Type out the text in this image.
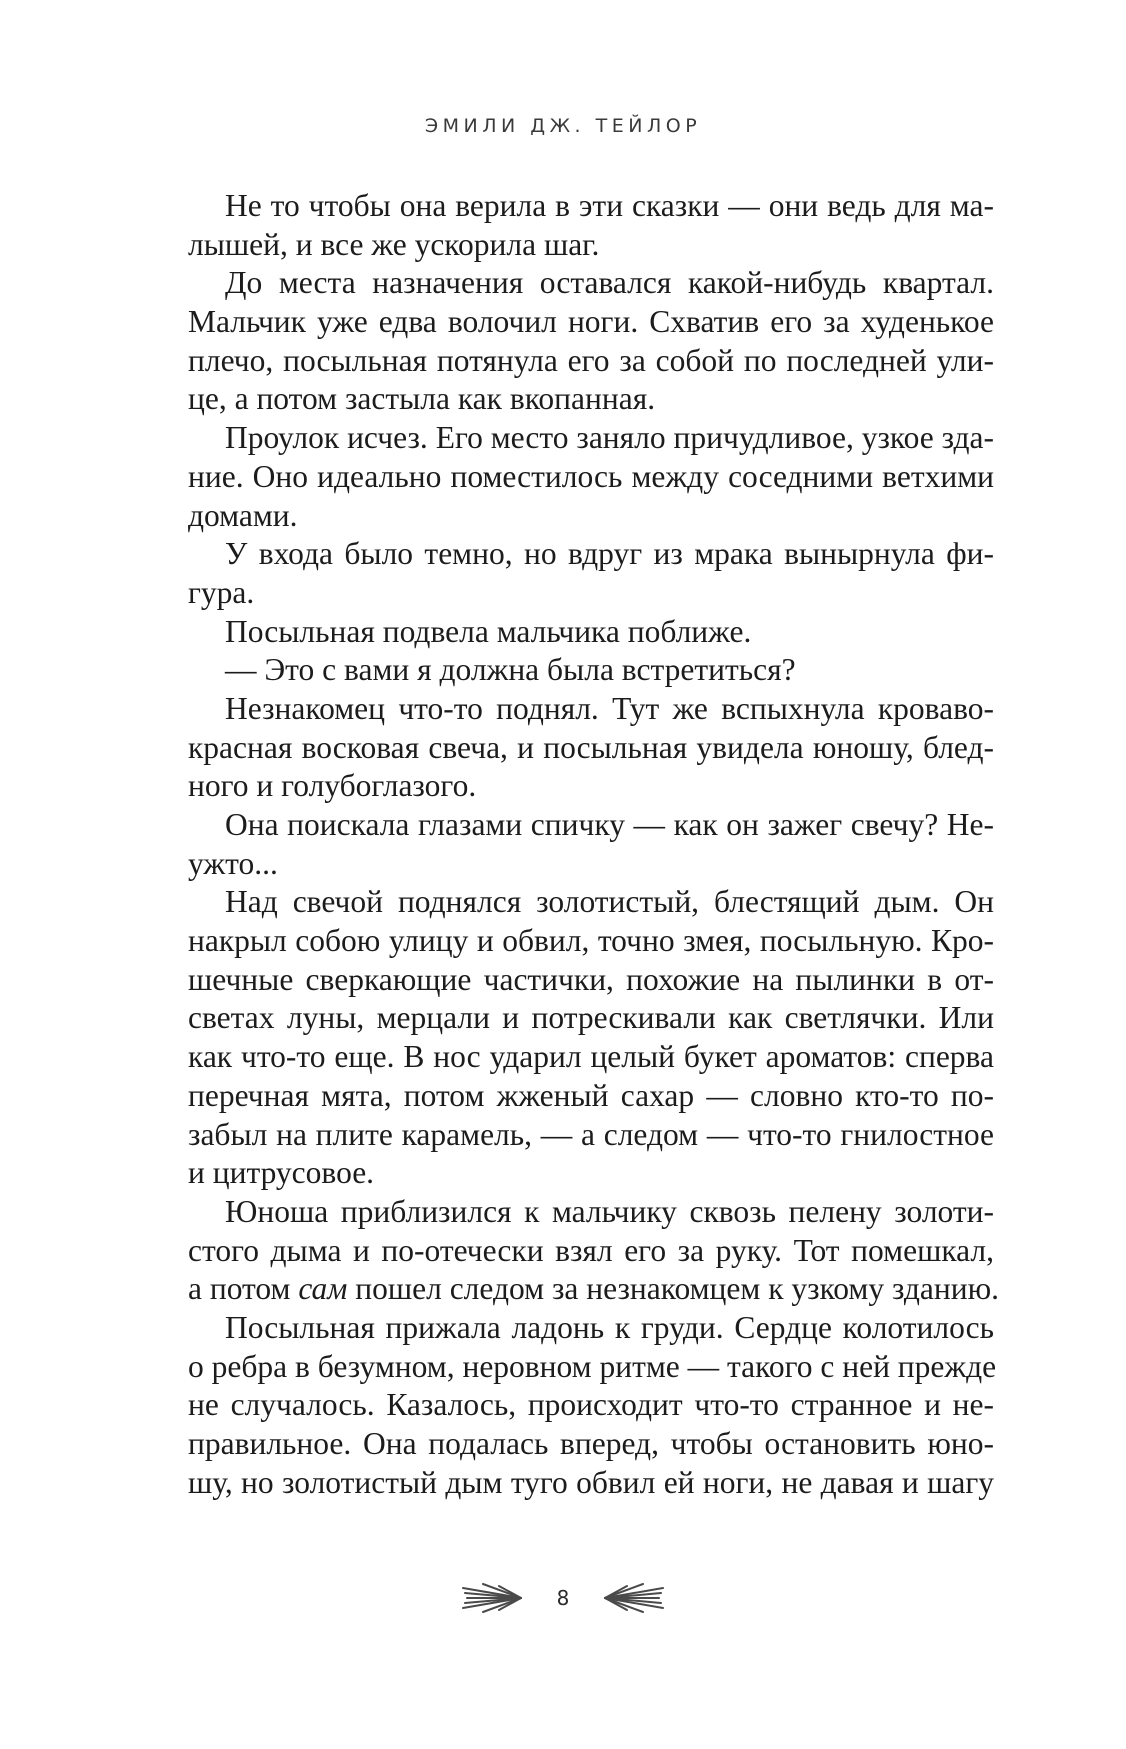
ЭМИЛИ ДЖ. ТЕЙЛОР
Не то чтобы она верила в эти сказки — они ведь для ма-
лышей, и все же ускорила шаг.
До места назначения оставался какой-нибудь квартал.
Мальчик уже едва волочил ноги. Схватив его за худенькое
плечо, посыльная потянула его за собой по последней ули-
це, а потом застыла как вкопанная.
Проулок исчез. Его место заняло причудливое, узкое зда-
ние. Оно идеально поместилось между соседними ветхими
домами.
У входа было темно, но вдруг из мрака вынырнула фи-
гура.
Посыльная подвела мальчика поближе.
— Это с вами я должна была встретиться?
Незнакомец что-то поднял. Тут же вспыхнула кроваво-
красная восковая свеча, и посыльная увидела юношу, блед-
ного и голубоглазого.
Она поискала глазами спичку — как он зажег свечу? Не-
ужто...
Над свечой поднялся золотистый, блестящий дым. Он
накрыл собою улицу и обвил, точно змея, посыльную. Кро-
шечные сверкающие частички, похожие на пылинки в от-
светах луны, мерцали и потрескивали как светлячки. Или
как что-то еще. В нос ударил целый букет ароматов: сперва
перечная мята, потом жженый сахар — словно кто-то по-
забыл на плите карамель, — а следом — что-то гнилостное
и цитрусовое.
Юноша приблизился к мальчику сквозь пелену золоти-
стого дыма и по-отечески взял его за руку. Тот помешкал,
а потом сам пошел следом за незнакомцем к узкому зданию.
Посыльная прижала ладонь к груди. Сердце колотилось
о ребра в безумном, неровном ритме — такого с ней прежде
не случалось. Казалось, происходит что-то странное и не-
правильное. Она подалась вперед, чтобы остановить юно-
шу, но золотистый дым туго обвил ей ноги, не давая и шагу
8
